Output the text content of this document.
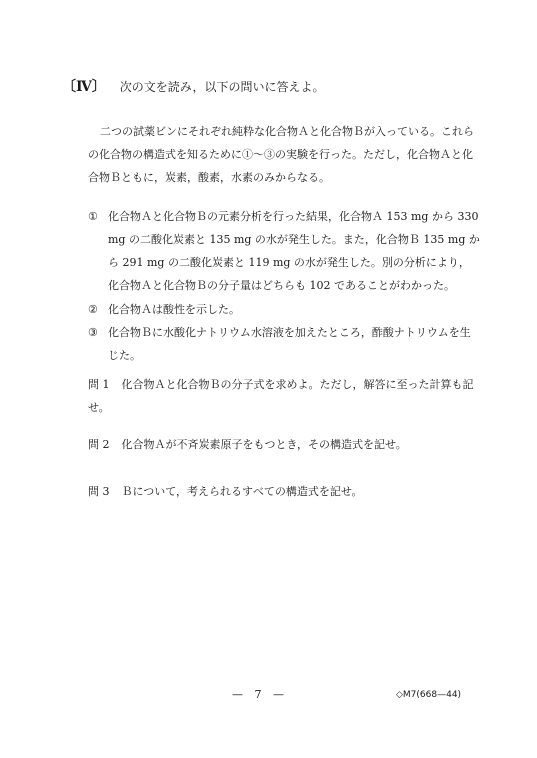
〔Ⅳ〕 次の文を読み，以下の問いに答えよ。
二つの試薬ビンにそれぞれ純粋な化合物Ａと化合物Ｂが入っている。これらの化合物の構造式を知るために①～③の実験を行った。ただし，化合物Ａと化合物Ｂともに，炭素，酸素，水素のみからなる。
① 化合物Ａと化合物Ｂの元素分析を行った結果，化合物Ａ 153 mg から 330 mg の二酸化炭素と 135 mg の水が発生した。また，化合物Ｂ 135 mg から 291 mg の二酸化炭素と 119 mg の水が発生した。別の分析により，化合物Ａと化合物Ｂの分子量はどちらも 102 であることがわかった。
② 化合物Ａは酸性を示した。
③ 化合物Ｂに水酸化ナトリウム水溶液を加えたところ，酢酸ナトリウムを生じた。
問 1 化合物Ａと化合物Ｂの分子式を求めよ。ただし，解答に至った計算も記せ。
問 2 化合物Ａが不斉炭素原子をもつとき，その構造式を記せ。
問 3 Ｂについて，考えられるすべての構造式を記せ。
— 7 —	◇M7(668—44)
